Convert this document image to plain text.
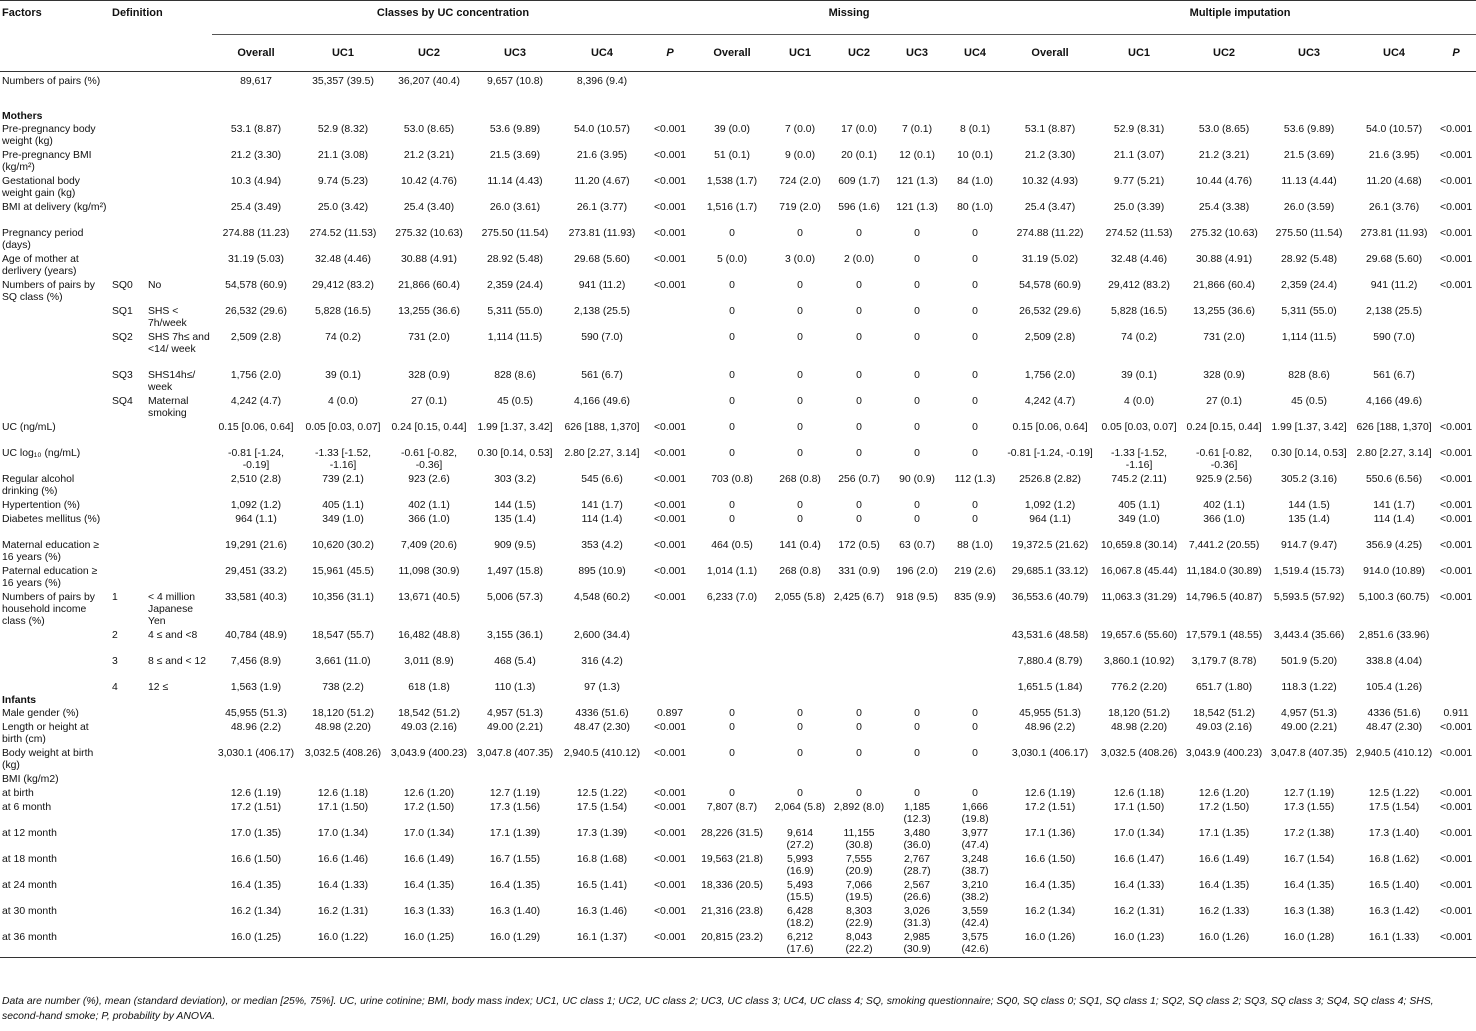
Factors	Definition		Classes by UC concentration						Missing					Multiple imputation					
			Overall	UC1	UC2	UC3	UC4	P	Overall	UC1	UC2	UC3	UC4	Overall	UC1	UC2	UC3	UC4	P
Numbers of pairs (%)			89,617	35,357 (39.5)	36,207 (40.4)	9,657 (10.8)	8,396 (9.4)												
Mothers																			
Pre-pregnancy body weight (kg)			53.1 (8.87)	52.9 (8.32)	53.0 (8.65)	53.6 (9.89)	54.0 (10.57)	<0.001	39 (0.0)	7 (0.0)	17 (0.0)	7 (0.1)	8 (0.1)	53.1 (8.87)	52.9 (8.31)	53.0 (8.65)	53.6 (9.89)	54.0 (10.57)	<0.001
Pre-pregnancy BMI (kg/m²)			21.2 (3.30)	21.1 (3.08)	21.2 (3.21)	21.5 (3.69)	21.6 (3.95)	<0.001	51 (0.1)	9 (0.0)	20 (0.1)	12 (0.1)	10 (0.1)	21.2 (3.30)	21.1 (3.07)	21.2 (3.21)	21.5 (3.69)	21.6 (3.95)	<0.001
Gestational body weight gain (kg)			10.3 (4.94)	9.74 (5.23)	10.42 (4.76)	11.14 (4.43)	11.20 (4.67)	<0.001	1,538 (1.7)	724 (2.0)	609 (1.7)	121 (1.3)	84 (1.0)	10.32 (4.93)	9.77 (5.21)	10.44 (4.76)	11.13 (4.44)	11.20 (4.68)	<0.001
BMI at delivery (kg/m²)			25.4 (3.49)	25.0 (3.42)	25.4 (3.40)	26.0 (3.61)	26.1 (3.77)	<0.001	1,516 (1.7)	719 (2.0)	596 (1.6)	121 (1.3)	80 (1.0)	25.4 (3.47)	25.0 (3.39)	25.4 (3.38)	26.0 (3.59)	26.1 (3.76)	<0.001
Pregnancy period (days)			274.88 (11.23)	274.52 (11.53)	275.32 (10.63)	275.50 (11.54)	273.81 (11.93)	<0.001	0	0	0	0	0	274.88 (11.22)	274.52 (11.53)	275.32 (10.63)	275.50 (11.54)	273.81 (11.93)	<0.001
Age of mother at derlivery (years)			31.19 (5.03)	32.48 (4.46)	30.88 (4.91)	28.92 (5.48)	29.68 (5.60)	<0.001	5 (0.0)	3 (0.0)	2 (0.0)	0	0	31.19 (5.02)	32.48 (4.46)	30.88 (4.91)	28.92 (5.48)	29.68 (5.60)	<0.001
Numbers of pairs by SQ class (%)	SQ0	No	54,578 (60.9)	29,412 (83.2)	21,866 (60.4)	2,359 (24.4)	941 (11.2)	<0.001	0	0	0	0	0	54,578 (60.9)	29,412 (83.2)	21,866 (60.4)	2,359 (24.4)	941 (11.2)	<0.001
	SQ1	SHS < 7h/week	26,532 (29.6)	5,828 (16.5)	13,255 (36.6)	5,311 (55.0)	2,138 (25.5)		0	0	0	0	0	26,532 (29.6)	5,828 (16.5)	13,255 (36.6)	5,311 (55.0)	2,138 (25.5)	
	SQ2	SHS 7h≤ and <14/ week	2,509 (2.8)	74 (0.2)	731 (2.0)	1,114 (11.5)	590 (7.0)		0	0	0	0	0	2,509 (2.8)	74 (0.2)	731 (2.0)	1,114 (11.5)	590 (7.0)	
	SQ3	SHS14h≤/ week	1,756 (2.0)	39 (0.1)	328 (0.9)	828 (8.6)	561 (6.7)		0	0	0	0	0	1,756 (2.0)	39 (0.1)	328 (0.9)	828 (8.6)	561 (6.7)	
	SQ4	Maternal smoking	4,242 (4.7)	4 (0.0)	27 (0.1)	45 (0.5)	4,166 (49.6)		0	0	0	0	0	4,242 (4.7)	4 (0.0)	27 (0.1)	45 (0.5)	4,166 (49.6)	
UC (ng/mL)			0.15 [0.06, 0.64]	0.05 [0.03, 0.07]	0.24 [0.15, 0.44]	1.99 [1.37, 3.42]	626 [188, 1,370]	<0.001	0	0	0	0	0	0.15 [0.06, 0.64]	0.05 [0.03, 0.07]	0.24 [0.15, 0.44]	1.99 [1.37, 3.42]	626 [188, 1,370]	<0.001
UC log₁₀ (ng/mL)			-0.81 [-1.24, -0.19]	-1.33 [-1.52, -1.16]	-0.61 [-0.82, -0.36]	0.30 [0.14, 0.53]	2.80 [2.27, 3.14]	<0.001	0	0	0	0	0	-0.81 [-1.24, -0.19]	-1.33 [-1.52, -1.16]	-0.61 [-0.82, -0.36]	0.30 [0.14, 0.53]	2.80 [2.27, 3.14]	<0.001
Regular alcohol drinking (%)			2,510 (2.8)	739 (2.1)	923 (2.6)	303 (3.2)	545 (6.6)	<0.001	703 (0.8)	268 (0.8)	256 (0.7)	90 (0.9)	112 (1.3)	2526.8 (2.82)	745.2 (2.11)	925.9 (2.56)	305.2 (3.16)	550.6 (6.56)	<0.001
Hypertention (%)			1,092 (1.2)	405 (1.1)	402 (1.1)	144 (1.5)	141 (1.7)	<0.001	0	0	0	0	0	1,092 (1.2)	405 (1.1)	402 (1.1)	144 (1.5)	141 (1.7)	<0.001
Diabetes mellitus (%)			964 (1.1)	349 (1.0)	366 (1.0)	135 (1.4)	114 (1.4)	<0.001	0	0	0	0	0	964 (1.1)	349 (1.0)	366 (1.0)	135 (1.4)	114 (1.4)	<0.001
Maternal education ≥ 16 years (%)			19,291 (21.6)	10,620 (30.2)	7,409 (20.6)	909 (9.5)	353 (4.2)	<0.001	464 (0.5)	141 (0.4)	172 (0.5)	63 (0.7)	88 (1.0)	19,372.5 (21.62)	10,659.8 (30.14)	7,441.2 (20.55)	914.7 (9.47)	356.9 (4.25)	<0.001
Paternal education ≥ 16 years (%)			29,451 (33.2)	15,961 (45.5)	11,098 (30.9)	1,497 (15.8)	895 (10.9)	<0.001	1,014 (1.1)	268 (0.8)	331 (0.9)	196 (2.0)	219 (2.6)	29,685.1 (33.12)	16,067.8 (45.44)	11,184.0 (30.89)	1,519.4 (15.73)	914.0 (10.89)	<0.001
Numbers of pairs by household income class (%)	1	< 4 million Japanese Yen	33,581 (40.3)	10,356 (31.1)	13,671 (40.5)	5,006 (57.3)	4,548 (60.2)	<0.001	6,233 (7.0)	2,055 (5.8)	2,425 (6.7)	918 (9.5)	835 (9.9)	36,553.6 (40.79)	11,063.3 (31.29)	14,796.5 (40.87)	5,593.5 (57.92)	5,100.3 (60.75)	<0.001
	2	4 ≤ and <8	40,784 (48.9)	18,547 (55.7)	16,482 (48.8)	3,155 (36.1)	2,600 (34.4)							43,531.6 (48.58)	19,657.6 (55.60)	17,579.1 (48.55)	3,443.4 (35.66)	2,851.6 (33.96)	
	3	8 ≤ and < 12	7,456 (8.9)	3,661 (11.0)	3,011 (8.9)	468 (5.4)	316 (4.2)							7,880.4 (8.79)	3,860.1 (10.92)	3,179.7 (8.78)	501.9 (5.20)	338.8 (4.04)	
	4	12 ≤	1,563 (1.9)	738 (2.2)	618 (1.8)	110 (1.3)	97 (1.3)							1,651.5 (1.84)	776.2 (2.20)	651.7 (1.80)	118.3 (1.22)	105.4 (1.26)	
Infants																			
Male gender (%)			45,955 (51.3)	18,120 (51.2)	18,542 (51.2)	4,957 (51.3)	4336 (51.6)	0.897	0	0	0	0	0	45,955 (51.3)	18,120 (51.2)	18,542 (51.2)	4,957 (51.3)	4336 (51.6)	0.911
Length or height at birth (cm)			48.96 (2.2)	48.98 (2.20)	49.03 (2.16)	49.00 (2.21)	48.47 (2.30)	<0.001	0	0	0	0	0	48.96 (2.2)	48.98 (2.20)	49.03 (2.16)	49.00 (2.21)	48.47 (2.30)	<0.001
Body weight at birth (kg)			3,030.1 (406.17)	3,032.5 (408.26)	3,043.9 (400.23)	3,047.8 (407.35)	2,940.5 (410.12)	<0.001	0	0	0	0	0	3,030.1 (406.17)	3,032.5 (408.26)	3,043.9 (400.23)	3,047.8 (407.35)	2,940.5 (410.12)	<0.001
BMI (kg/m2)																			
at birth			12.6 (1.19)	12.6 (1.18)	12.6 (1.20)	12.7 (1.19)	12.5 (1.22)	<0.001	0	0	0	0	0	12.6 (1.19)	12.6 (1.18)	12.6 (1.20)	12.7 (1.19)	12.5 (1.22)	<0.001
at 6 month			17.2 (1.51)	17.1 (1.50)	17.2 (1.50)	17.3 (1.56)	17.5 (1.54)	<0.001	7,807 (8.7)	2,064 (5.8)	2,892 (8.0)	1,185 (12.3)	1,666 (19.8)	17.2 (1.51)	17.1 (1.50)	17.2 (1.50)	17.3 (1.55)	17.5 (1.54)	<0.001
at 12 month			17.0 (1.35)	17.0 (1.34)	17.0 (1.34)	17.1 (1.39)	17.3 (1.39)	<0.001	28,226 (31.5)	9,614 (27.2)	11,155 (30.8)	3,480 (36.0)	3,977 (47.4)	17.1 (1.36)	17.0 (1.34)	17.1 (1.35)	17.2 (1.38)	17.3 (1.40)	<0.001
at 18 month			16.6 (1.50)	16.6 (1.46)	16.6 (1.49)	16.7 (1.55)	16.8 (1.68)	<0.001	19,563 (21.8)	5,993 (16.9)	7,555 (20.9)	2,767 (28.7)	3,248 (38.7)	16.6 (1.50)	16.6 (1.47)	16.6 (1.49)	16.7 (1.54)	16.8 (1.62)	<0.001
at 24 month			16.4 (1.35)	16.4 (1.33)	16.4 (1.35)	16.4 (1.35)	16.5 (1.41)	<0.001	18,336 (20.5)	5,493 (15.5)	7,066 (19.5)	2,567 (26.6)	3,210 (38.2)	16.4 (1.35)	16.4 (1.33)	16.4 (1.35)	16.4 (1.35)	16.5 (1.40)	<0.001
at 30 month			16.2 (1.34)	16.2 (1.31)	16.3 (1.33)	16.3 (1.40)	16.3 (1.46)	<0.001	21,316 (23.8)	6,428 (18.2)	8,303 (22.9)	3,026 (31.3)	3,559 (42.4)	16.2 (1.34)	16.2 (1.31)	16.2 (1.33)	16.3 (1.38)	16.3 (1.42)	<0.001
at 36 month			16.0 (1.25)	16.0 (1.22)	16.0 (1.25)	16.0 (1.29)	16.1 (1.37)	<0.001	20,815 (23.2)	6,212 (17.6)	8,043 (22.2)	2,985 (30.9)	3,575 (42.6)	16.0 (1.26)	16.0 (1.23)	16.0 (1.26)	16.0 (1.28)	16.1 (1.33)	<0.001
Data are number (%), mean (standard deviation), or median [25%, 75%]. UC, urine cotinine; BMI, body mass index; UC1, UC class 1; UC2, UC class 2; UC3, UC class 3; UC4, UC class 4; SQ, smoking questionnaire; SQ0, SQ class 0; SQ1, SQ class 1; SQ2, SQ class 2; SQ3, SQ class 3; SQ4, SQ class 4; SHS, second-hand smoke; P, probability by ANOVA.
